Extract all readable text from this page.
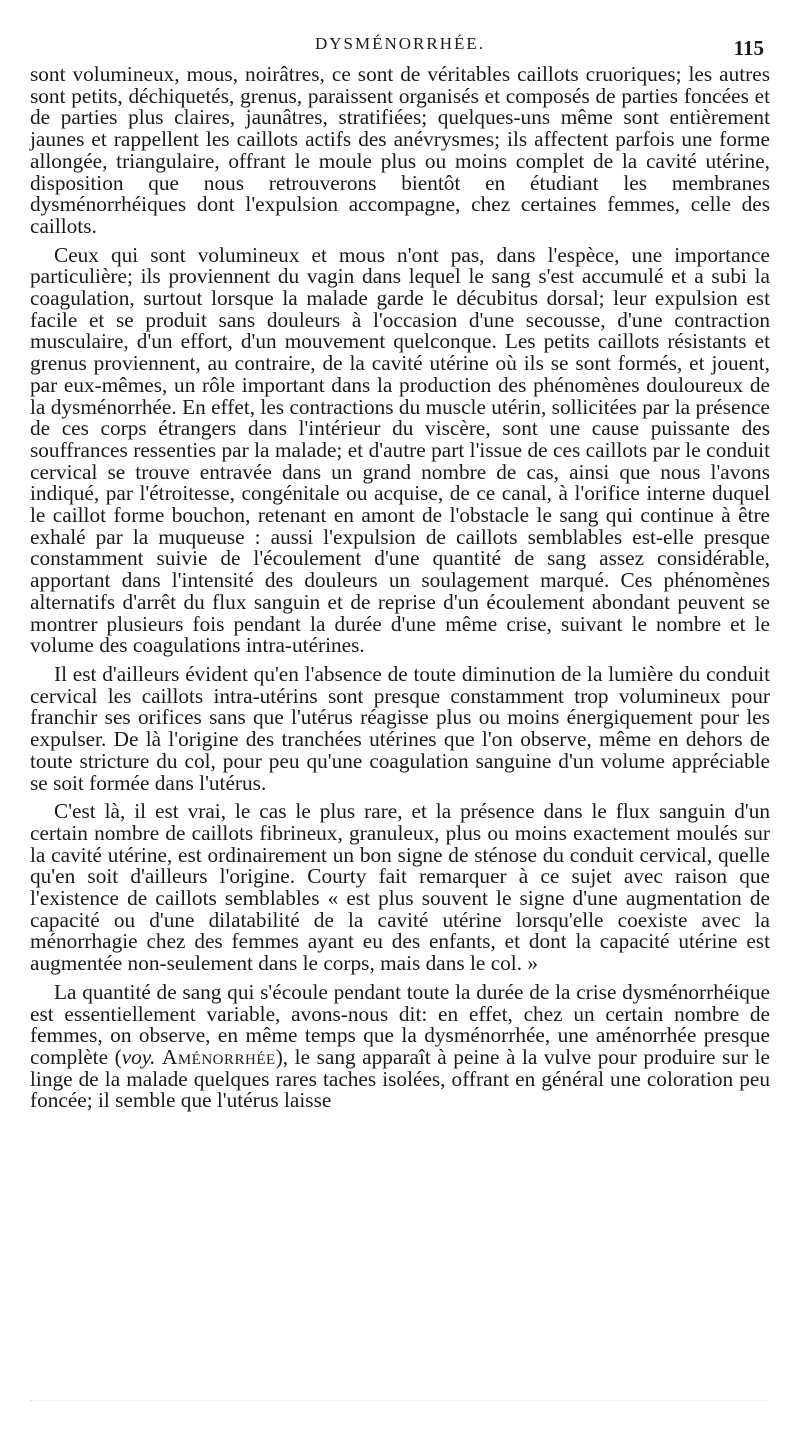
DYSMÉNORRHÉE.	115

sont volumineux, mous, noirâtres, ce sont de véritables caillots cruoriques; les autres sont petits, déchiquetés, grenus, paraissent organisés et composés de parties foncées et de parties plus claires, jaunâtres, stratifiées; quelques-uns même sont entièrement jaunes et rappellent les caillots actifs des anévrysmes; ils affectent parfois une forme allongée, triangulaire, offrant le moule plus ou moins complet de la cavité utérine, disposition que nous retrouverons bientôt en étudiant les membranes dysménorrhéiques dont l'expulsion accompagne, chez certaines femmes, celle des caillots.

Ceux qui sont volumineux et mous n'ont pas, dans l'espèce, une importance particulière; ils proviennent du vagin dans lequel le sang s'est accumulé et a subi la coagulation, surtout lorsque la malade garde le décubitus dorsal; leur expulsion est facile et se produit sans douleurs à l'occasion d'une secousse, d'une contraction musculaire, d'un effort, d'un mouvement quelconque. Les petits caillots résistants et grenus proviennent, au contraire, de la cavité utérine où ils se sont formés, et jouent, par eux-mêmes, un rôle important dans la production des phénomènes douloureux de la dysménorrhée. En effet, les contractions du muscle utérin, sollicitées par la présence de ces corps étrangers dans l'intérieur du viscère, sont une cause puissante des souffrances ressenties par la malade; et d'autre part l'issue de ces caillots par le conduit cervical se trouve entravée dans un grand nombre de cas, ainsi que nous l'avons indiqué, par l'étroitesse, congénitale ou acquise, de ce canal, à l'orifice interne duquel le caillot forme bouchon, retenant en amont de l'obstacle le sang qui continue à être exhalé par la muqueuse : aussi l'expulsion de caillots semblables est-elle presque constamment suivie de l'écoulement d'une quantité de sang assez considérable, apportant dans l'intensité des douleurs un soulagement marqué. Ces phénomènes alternatifs d'arrêt du flux sanguin et de reprise d'un écoulement abondant peuvent se montrer plusieurs fois pendant la durée d'une même crise, suivant le nombre et le volume des coagulations intra-utérines.

Il est d'ailleurs évident qu'en l'absence de toute diminution de la lumière du conduit cervical les caillots intra-utérins sont presque constamment trop volumineux pour franchir ses orifices sans que l'utérus réagisse plus ou moins énergiquement pour les expulser. De là l'origine des tranchées utérines que l'on observe, même en dehors de toute stricture du col, pour peu qu'une coagulation sanguine d'un volume appréciable se soit formée dans l'utérus.

C'est là, il est vrai, le cas le plus rare, et la présence dans le flux sanguin d'un certain nombre de caillots fibrineux, granuleux, plus ou moins exactement moulés sur la cavité utérine, est ordinairement un bon signe de sténose du conduit cervical, quelle qu'en soit d'ailleurs l'origine. Courty fait remarquer à ce sujet avec raison que l'existence de caillots semblables « est plus souvent le signe d'une augmentation de capacité ou d'une dilatabilité de la cavité utérine lorsqu'elle coexiste avec la ménorrhagie chez des femmes ayant eu des enfants, et dont la capacité utérine est augmentée non-seulement dans le corps, mais dans le col. »

La quantité de sang qui s'écoule pendant toute la durée de la crise dysménorrhéique est essentiellement variable, avons-nous dit: en effet, chez un certain nombre de femmes, on observe, en même temps que la dysménorrhée, une aménorrhée presque complète (voy. Aménorrhée), le sang apparaît à peine à la vulve pour produire sur le linge de la malade quelques rares taches isolées, offrant en général une coloration peu foncée; il semble que l'utérus laisse
